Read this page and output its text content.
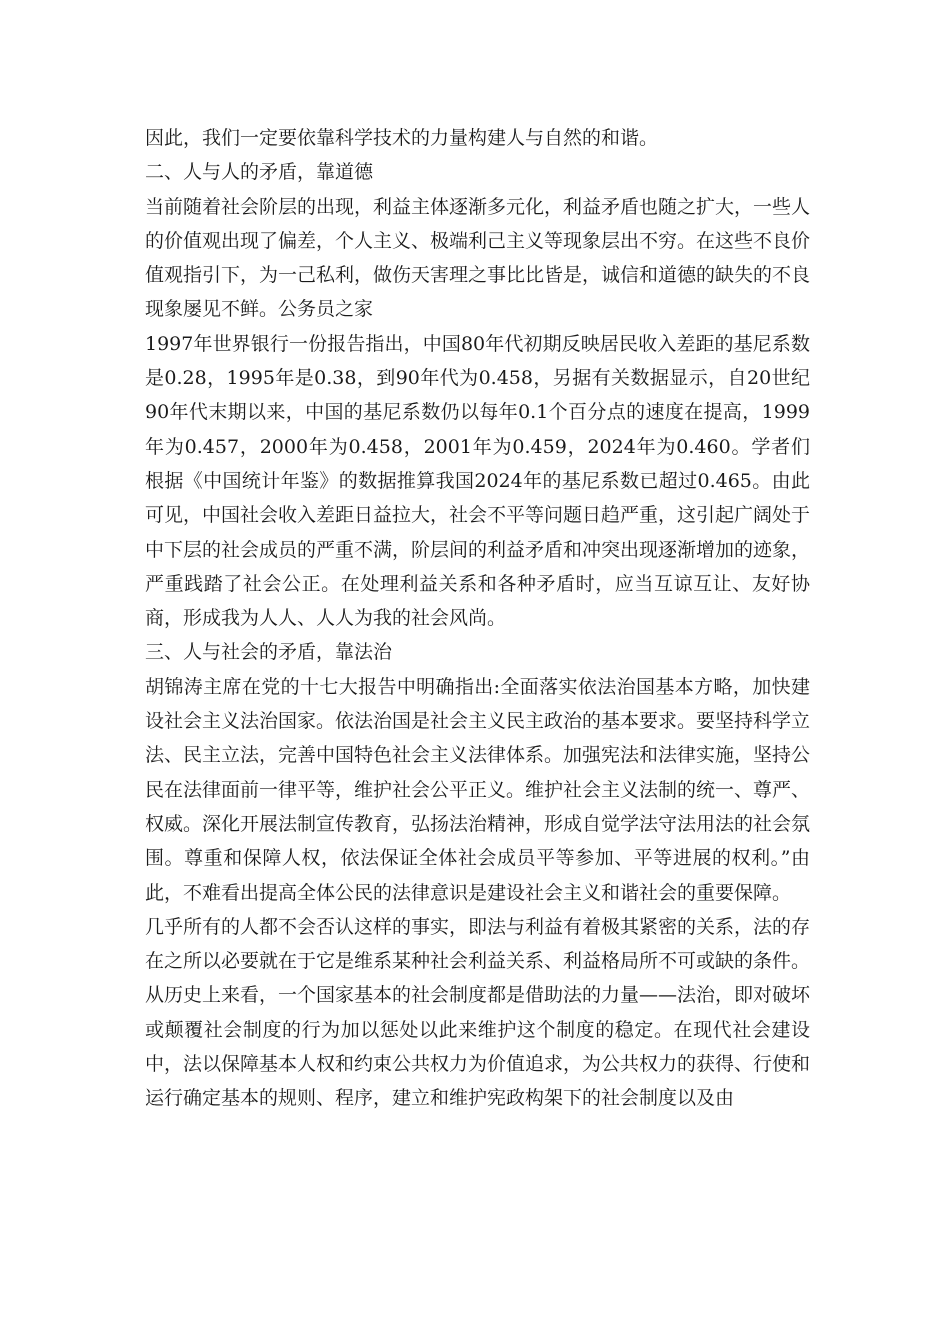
因此，我们一定要依靠科学技术的力量构建人与自然的和谐。

二、人与人的矛盾，靠道德

当前随着社会阶层的出现，利益主体逐渐多元化，利益矛盾也随之扩大，一些人的价值观出现了偏差，个人主义、极端利己主义等现象层出不穷。在这些不良价值观指引下，为一己私利，做伤天害理之事比比皆是，诚信和道德的缺失的不良现象屡见不鲜。公务员之家

1997年世界银行一份报告指出，中国80年代初期反映居民收入差距的基尼系数是0.28，1995年是0.38，到90年代为0.458，另据有关数据显示，自20世纪90年代末期以来，中国的基尼系数仍以每年0.1个百分点的速度在提高，1999年为0.457，2000年为0.458，2001年为0.459，2024年为0.460。学者们根据《中国统计年鉴》的数据推算我国2024年的基尼系数已超过0.465。由此可见，中国社会收入差距日益拉大，社会不平等问题日趋严重，这引起广阔处于中下层的社会成员的严重不满，阶层间的利益矛盾和冲突出现逐渐增加的迹象，严重践踏了社会公正。在处理利益关系和各种矛盾时，应当互谅互让、友好协商，形成我为人人、人人为我的社会风尚。

三、人与社会的矛盾，靠法治

胡锦涛主席在党的十七大报告中明确指出:全面落实依法治国基本方略，加快建设社会主义法治国家。依法治国是社会主义民主政治的基本要求。要坚持科学立法、民主立法，完善中国特色社会主义法律体系。加强宪法和法律实施，坚持公民在法律面前一律平等，维护社会公平正义。维护社会主义法制的统一、尊严、权威。深化开展法制宣传教育，弘扬法治精神，形成自觉学法守法用法的社会氛围。尊重和保障人权，依法保证全体社会成员平等参加、平等进展的权利。”由此，不难看出提高全体公民的法律意识是建设社会主义和谐社会的重要保障。

几乎所有的人都不会否认这样的事实，即法与利益有着极其紧密的关系，法的存在之所以必要就在于它是维系某种社会利益关系、利益格局所不可或缺的条件。从历史上来看，一个国家基本的社会制度都是借助法的力量——法治，即对破坏或颠覆社会制度的行为加以惩处以此来维护这个制度的稳定。在现代社会建设中，法以保障基本人权和约束公共权力为价值追求，为公共权力的获得、行使和运行确定基本的规则、程序，建立和维护宪政构架下的社会制度以及由
